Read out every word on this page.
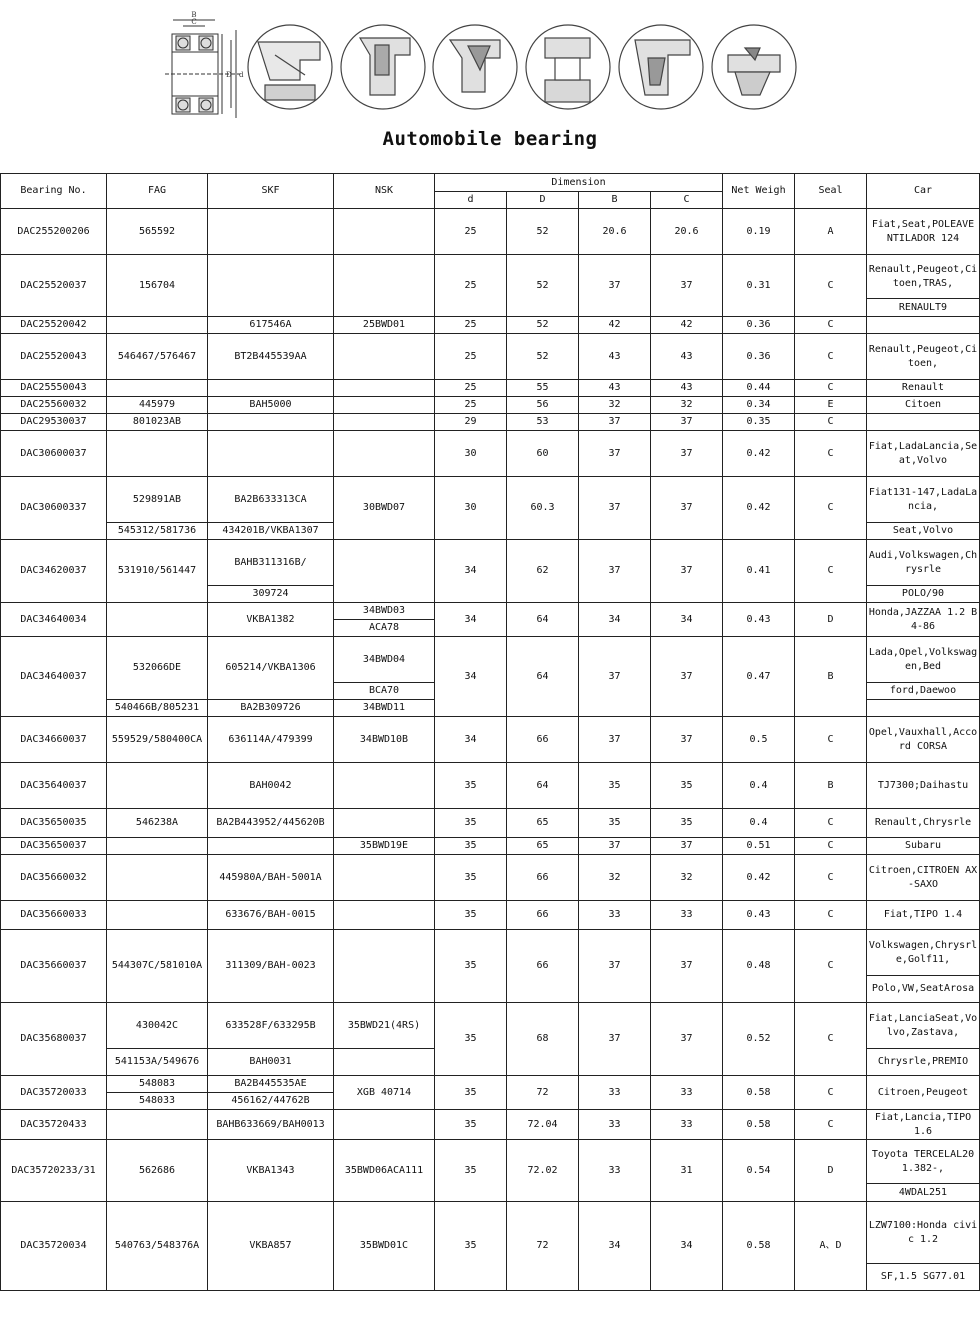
B
C
D d
Automobile bearing
Bearing No.	FAG	SKF	NSK	Dimension				Net Weigh	Seal	Car
				d	D	B	C			
DAC255200206	565592			25	52	20.6	20.6	0.19	A	Fiat,Seat,POLEAVE NTILADOR 124
DAC25520037	156704			25	52	37	37	0.31	C	Renault,Peugeot,Citoen,TRAS,
										RENAULT9
DAC25520042		617546A	25BWD01	25	52	42	42	0.36	C	
DAC25520043	546467/576467	BT2B445539AA		25	52	43	43	0.36	C	Renault,Peugeot,Citoen,
DAC25550043				25	55	43	43	0.44	C	Renault
DAC25560032	445979	BAH5000		25	56	32	32	0.34	E	Citoen
DAC29530037	801023AB			29	53	37	37	0.35	C	
DAC30600037				30	60	37	37	0.42	C	Fiat,LadaLancia,Seat,Volvo
DAC30600337	529891AB	BA2B633313CA	30BWD07	30	60.3	37	37	0.42	C	Fiat131-147,LadaLancia,
	545312/581736	434201B/VKBA1307								Seat,Volvo
DAC34620037	531910/561447	BAHB311316B/		34	62	37	37	0.41	C	Audi,Volkswagen,Chrysrle
		309724								POLO/90
DAC34640034		VKBA1382	34BWD03	34	64	34	34	0.43	D	Honda,JAZZAA 1.2 B4-86
			ACA78							
DAC34640037	532066DE	605214/VKBA1306	34BWD04	34	64	37	37	0.47	B	Lada,Opel,Volkswagen,Bed
			BCA70							ford,Daewoo
	540466B/805231	BA2B309726	34BWD11							
DAC34660037	559529/580400CA	636114A/479399	34BWD10B	34	66	37	37	0.5	C	Opel,Vauxhall,Accord CORSA
DAC35640037		BAH0042		35	64	35	35	0.4	B	TJ7300;Daihastu
DAC35650035	546238A	BA2B443952/445620B		35	65	35	35	0.4	C	Renault,Chrysrle
DAC35650037			35BWD19E	35	65	37	37	0.51	C	Subaru
DAC35660032		445980A/BAH-5001A		35	66	32	32	0.42	C	Citroen,CITROEN AX-SAXO
DAC35660033		633676/BAH-0015		35	66	33	33	0.43	C	Fiat,TIPO 1.4
DAC35660037	544307C/581010A	311309/BAH-0023		35	66	37	37	0.48	C	Volkswagen,Chrysrle,Golf11,
										Polo,VW,SeatArosa
DAC35680037	430042C	633528F/633295B	35BWD21(4RS)	35	68	37	37	0.52	C	Fiat,LanciaSeat,Volvo,Zastava,
	541153A/549676	BAH0031								Chrysrle,PREMIO
DAC35720033	548083	BA2B445535AE	XGB 40714	35	72	33	33	0.58	C	Citroen,Peugeot
	548033	456162/44762B								
DAC35720433		BAHB633669/BAH0013		35	72.04	33	33	0.58	C	Fiat,Lancia,TIPO 1.6
DAC35720233/31	562686	VKBA1343	35BWD06ACA111	35	72.02	33	31	0.54	D	Toyota TERCELAL201.382-,
										4WDAL251
DAC35720034	540763/548376A	VKBA857	35BWD01C	35	72	34	34	0.58	A、D	LZW7100:Honda civic 1.2
										SF,1.5 SG77.01
